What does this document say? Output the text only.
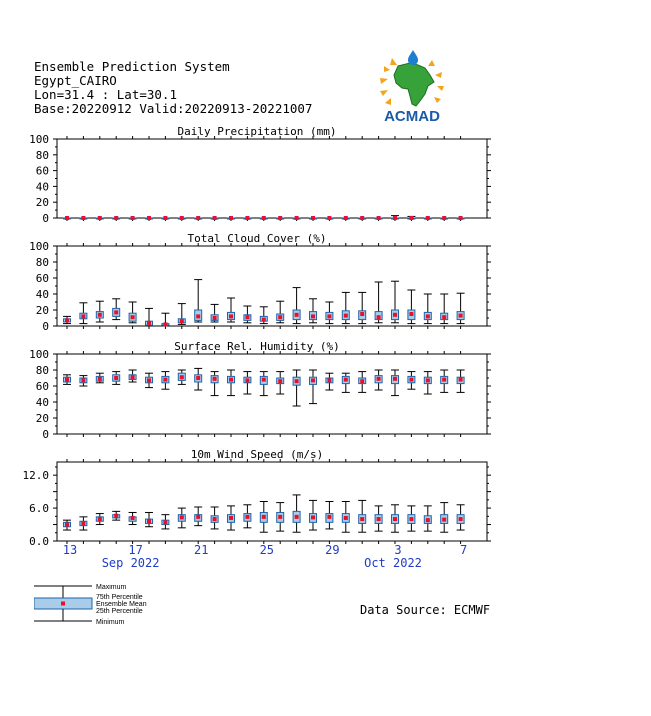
Ensemble Prediction System
Egypt_CAIRO
Lon=31.4 : Lat=30.1
Base:20220912 Valid:20220913-20221007	ACMAD
Daily Precipitation (mm)
0
20
40
60
80
100
Total Cloud Cover (%)
0
20
40
60
80
100
Surface Rel. Humidity (%)
0
20
40
60
80
100
10m Wind Speed (m/s)
0.0
6.0
12.0
13	17	21	25	29	3	7
Sep 2022	Oct 2022
Maximum
75th Percentile
Ensemble Mean
25th Percentile
Minimum
Data Source: ECMWF
